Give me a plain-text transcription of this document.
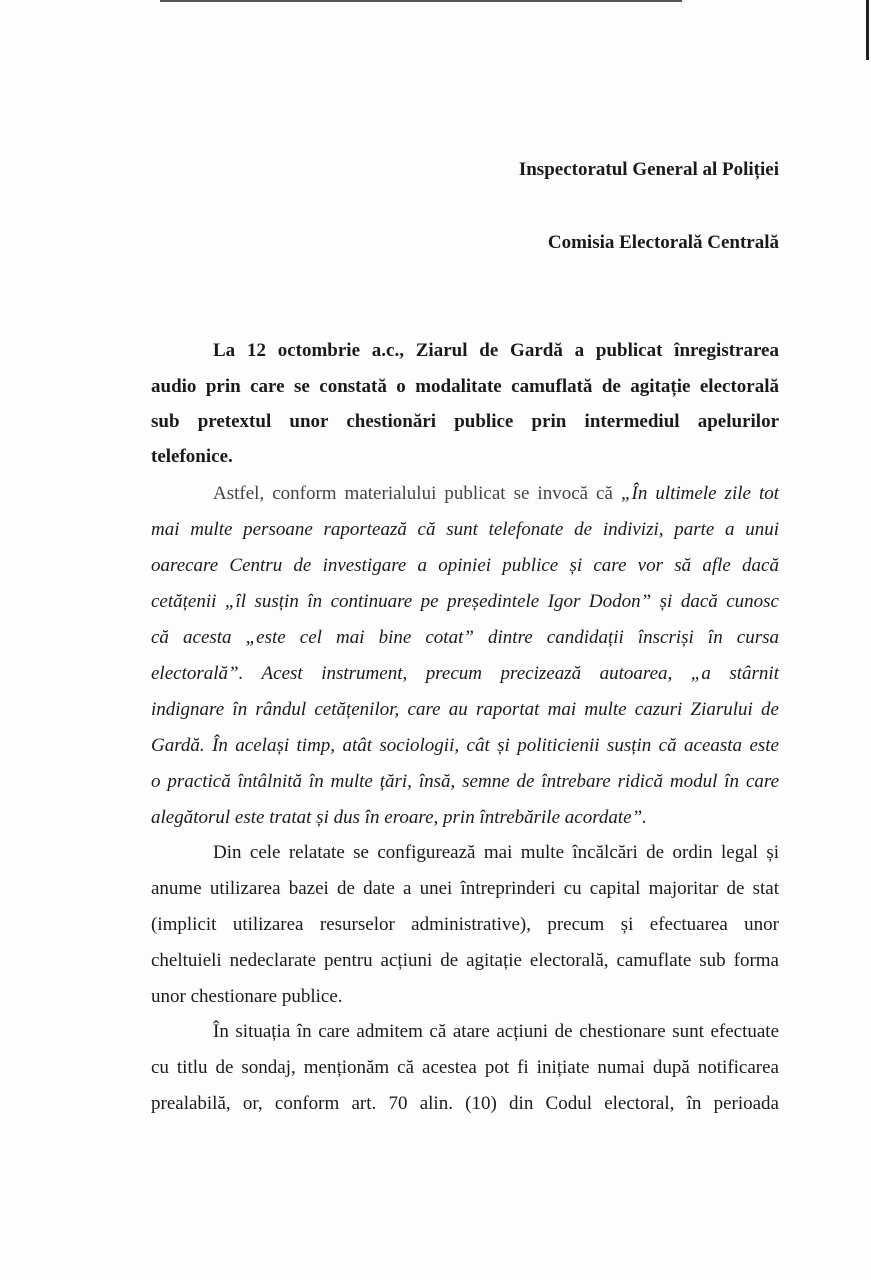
Inspectoratul General al Poliției
Comisia Electorală Centrală
La 12 octombrie a.c., Ziarul de Gardă a publicat înregistrarea
audio prin care se constată o modalitate camuflată de agitație electorală
sub pretextul unor chestionări publice prin intermediul apelurilor
telefonice.
Astfel, conform materialului publicat se invocă că „În ultimele zile tot
mai multe persoane raportează că sunt telefonate de indivizi, parte a unui
oarecare Centru de investigare a opiniei publice și care vor să afle dacă
cetățenii „îl susțin în continuare pe președintele Igor Dodon” și dacă cunosc
că acesta „este cel mai bine cotat” dintre candidații înscriși în cursa
electorală”. Acest instrument, precum precizează autoarea, „a stârnit
indignare în rândul cetățenilor, care au raportat mai multe cazuri Ziarului de
Gardă. În același timp, atât sociologii, cât și politicienii susțin că aceasta este
o practică întâlnită în multe țări, însă, semne de întrebare ridică modul în care
alegătorul este tratat și dus în eroare, prin întrebările acordate”.
Din cele relatate se configurează mai multe încălcări de ordin legal și
anume utilizarea bazei de date a unei întreprinderi cu capital majoritar de stat
(implicit utilizarea resurselor administrative), precum și efectuarea unor
cheltuieli nedeclarate pentru acțiuni de agitație electorală, camuflate sub forma
unor chestionare publice.
În situația în care admitem că atare acțiuni de chestionare sunt efectuate
cu titlu de sondaj, menționăm că acestea pot fi inițiate numai după notificarea
prealabilă, or, conform art. 70 alin. (10) din Codul electoral, în perioada
